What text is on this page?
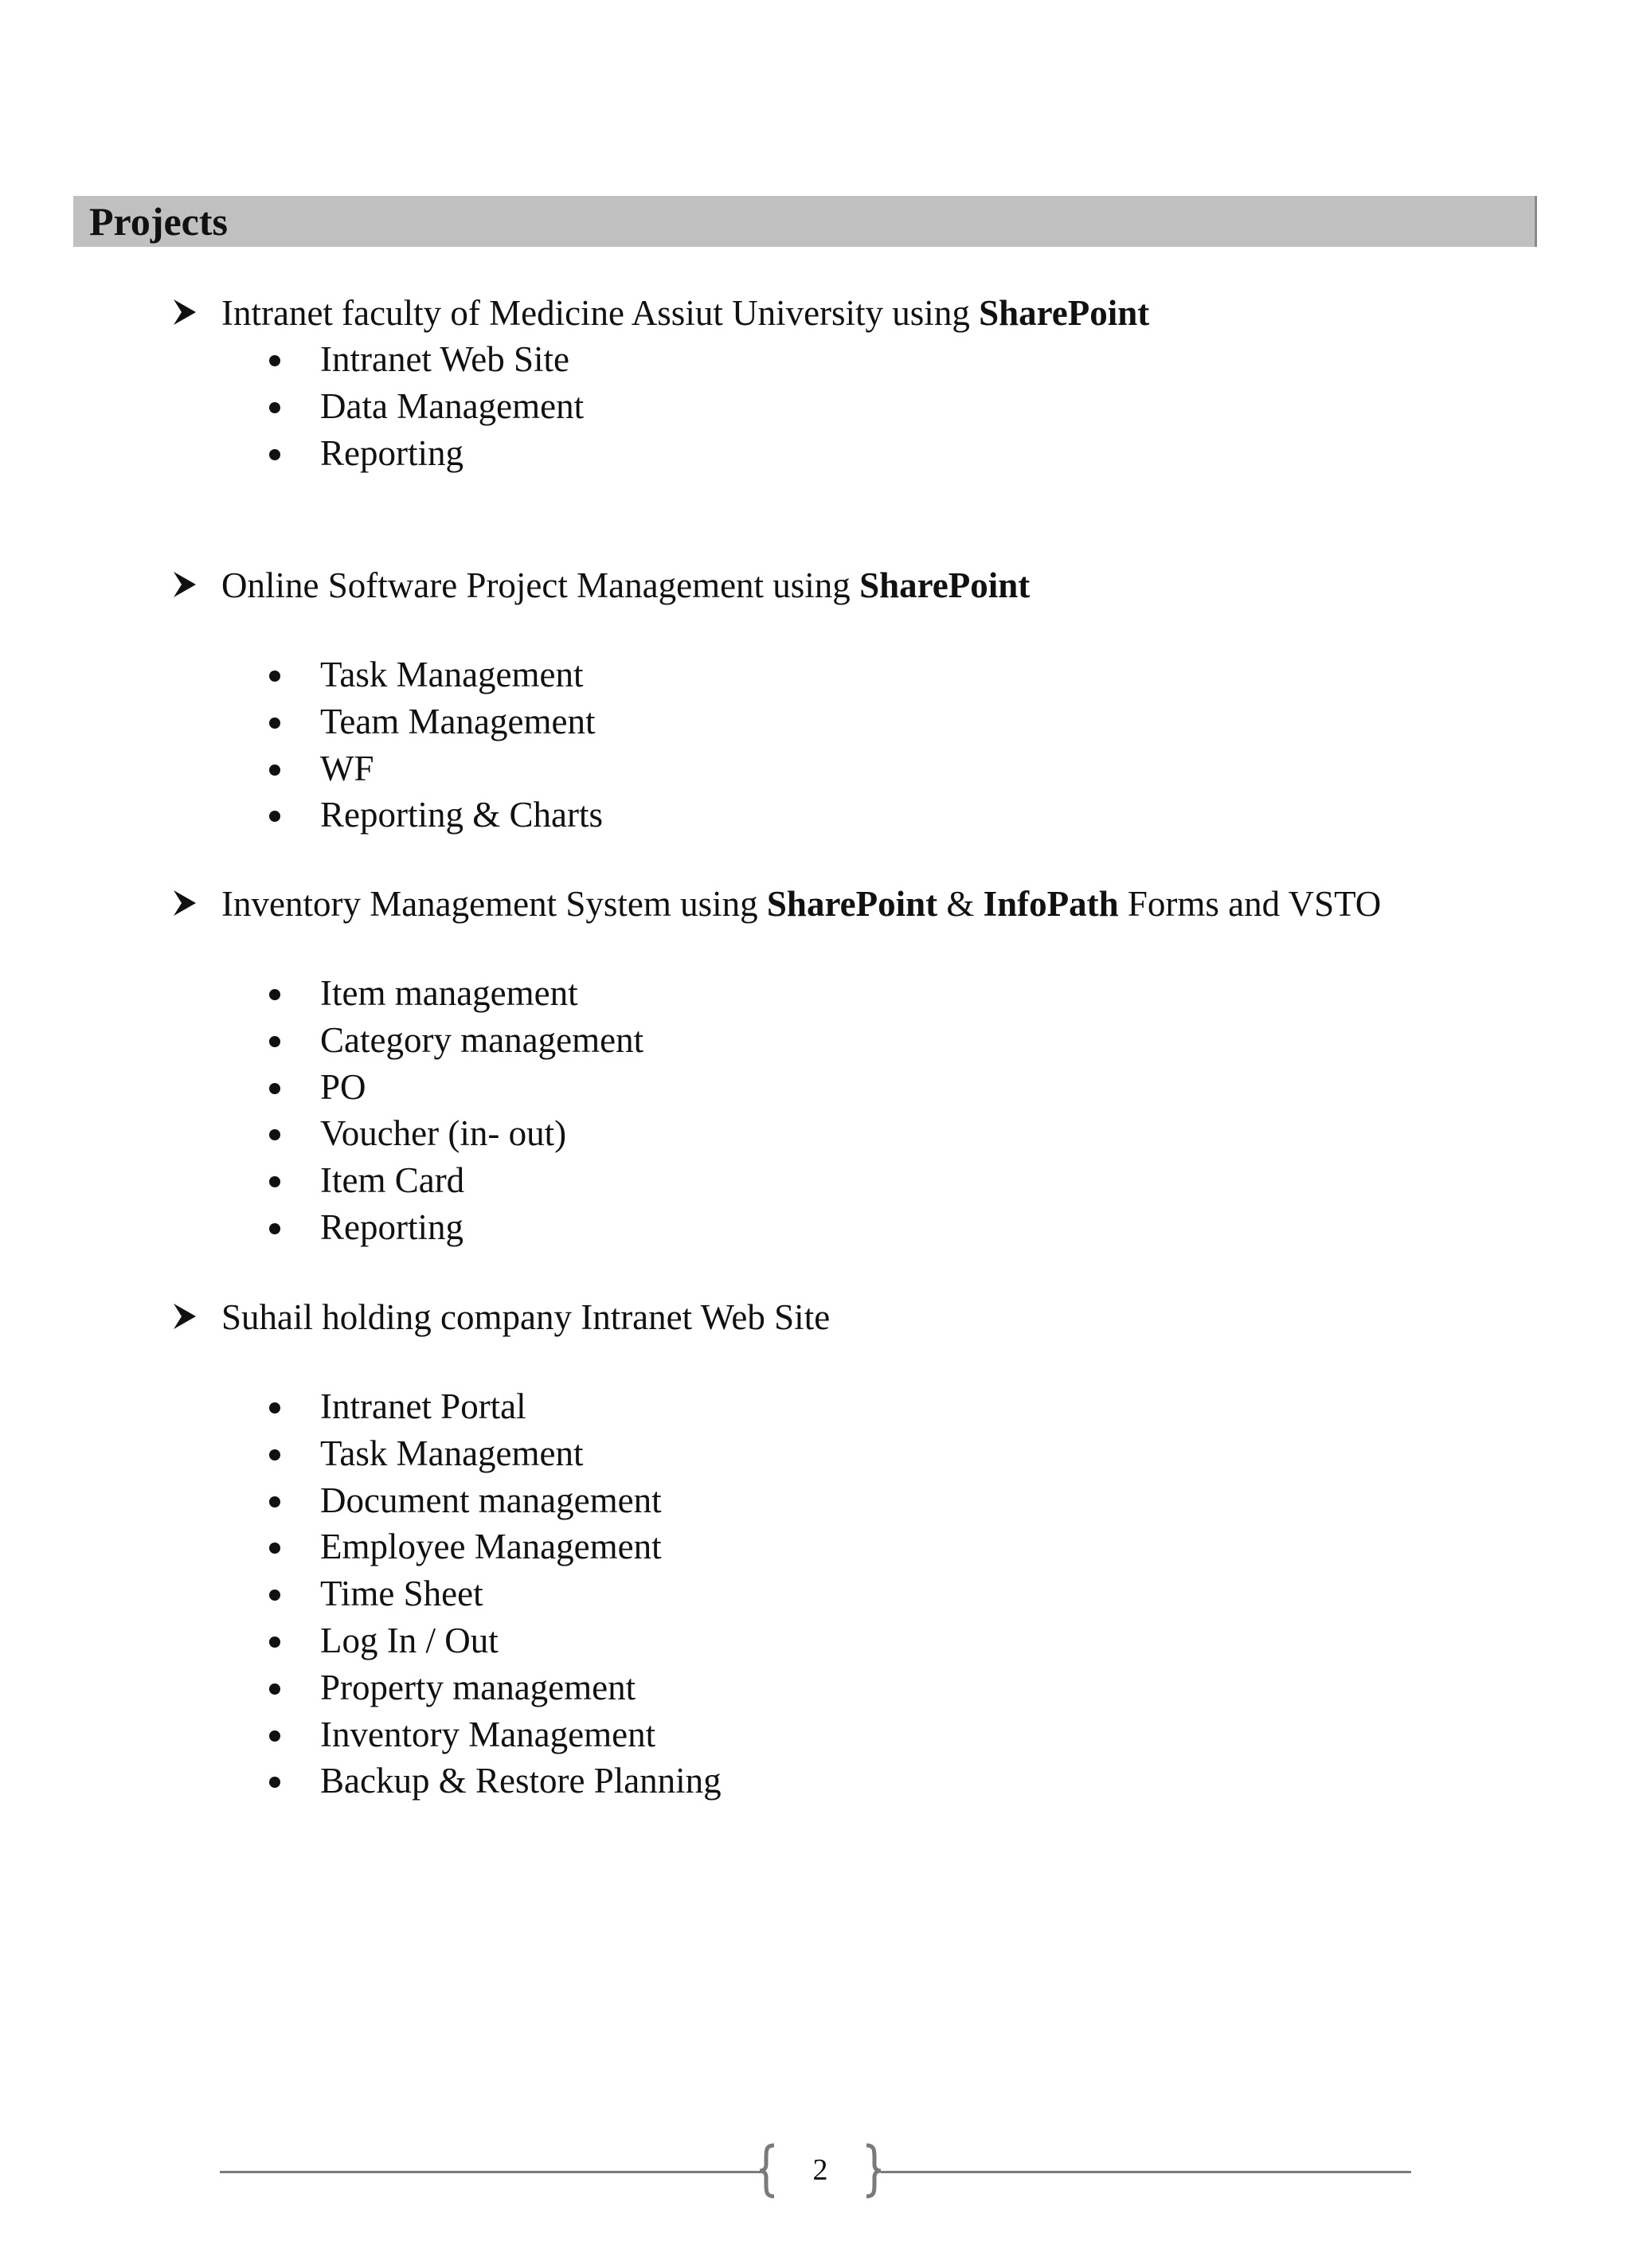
Projects
Intranet faculty of Medicine Assiut University using SharePoint
Intranet Web Site
Data Management
Reporting
Online Software Project Management using SharePoint
Task Management
Team Management
WF
Reporting & Charts
Inventory Management System using SharePoint & InfoPath Forms and VSTO
Item management
Category management
PO
Voucher (in- out)
Item Card
Reporting
Suhail holding company Intranet Web Site
Intranet Portal
Task Management
Document management
Employee Management
Time Sheet
Log In / Out
Property management
Inventory Management
Backup & Restore Planning
2
